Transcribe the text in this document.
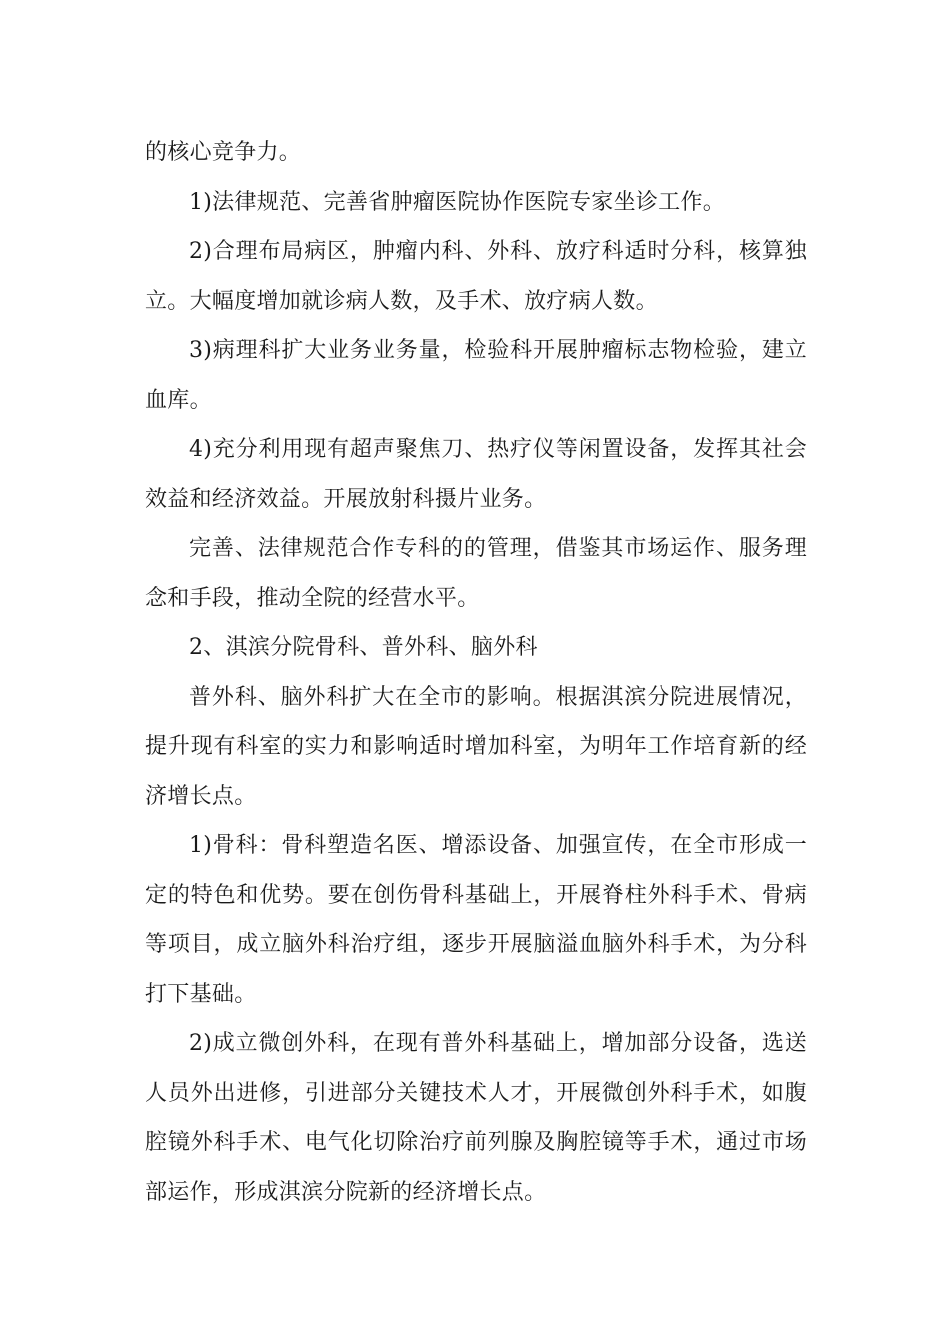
的核心竞争力。

1)法律规范、完善省肿瘤医院协作医院专家坐诊工作。

2)合理布局病区，肿瘤内科、外科、放疗科适时分科，核算独立。大幅度增加就诊病人数，及手术、放疗病人数。

3)病理科扩大业务业务量，检验科开展肿瘤标志物检验，建立血库。

4)充分利用现有超声聚焦刀、热疗仪等闲置设备，发挥其社会效益和经济效益。开展放射科摄片业务。

完善、法律规范合作专科的的管理，借鉴其市场运作、服务理念和手段，推动全院的经营水平。

2、淇滨分院骨科、普外科、脑外科

普外科、脑外科扩大在全市的影响。根据淇滨分院进展情况，提升现有科室的实力和影响适时增加科室，为明年工作培育新的经济增长点。

1)骨科：骨科塑造名医、增添设备、加强宣传，在全市形成一定的特色和优势。要在创伤骨科基础上，开展脊柱外科手术、骨病等项目，成立脑外科治疗组，逐步开展脑溢血脑外科手术，为分科打下基础。

2)成立微创外科，在现有普外科基础上，增加部分设备，选送人员外出进修，引进部分关键技术人才，开展微创外科手术，如腹腔镜外科手术、电气化切除治疗前列腺及胸腔镜等手术，通过市场部运作，形成淇滨分院新的经济增长点。
